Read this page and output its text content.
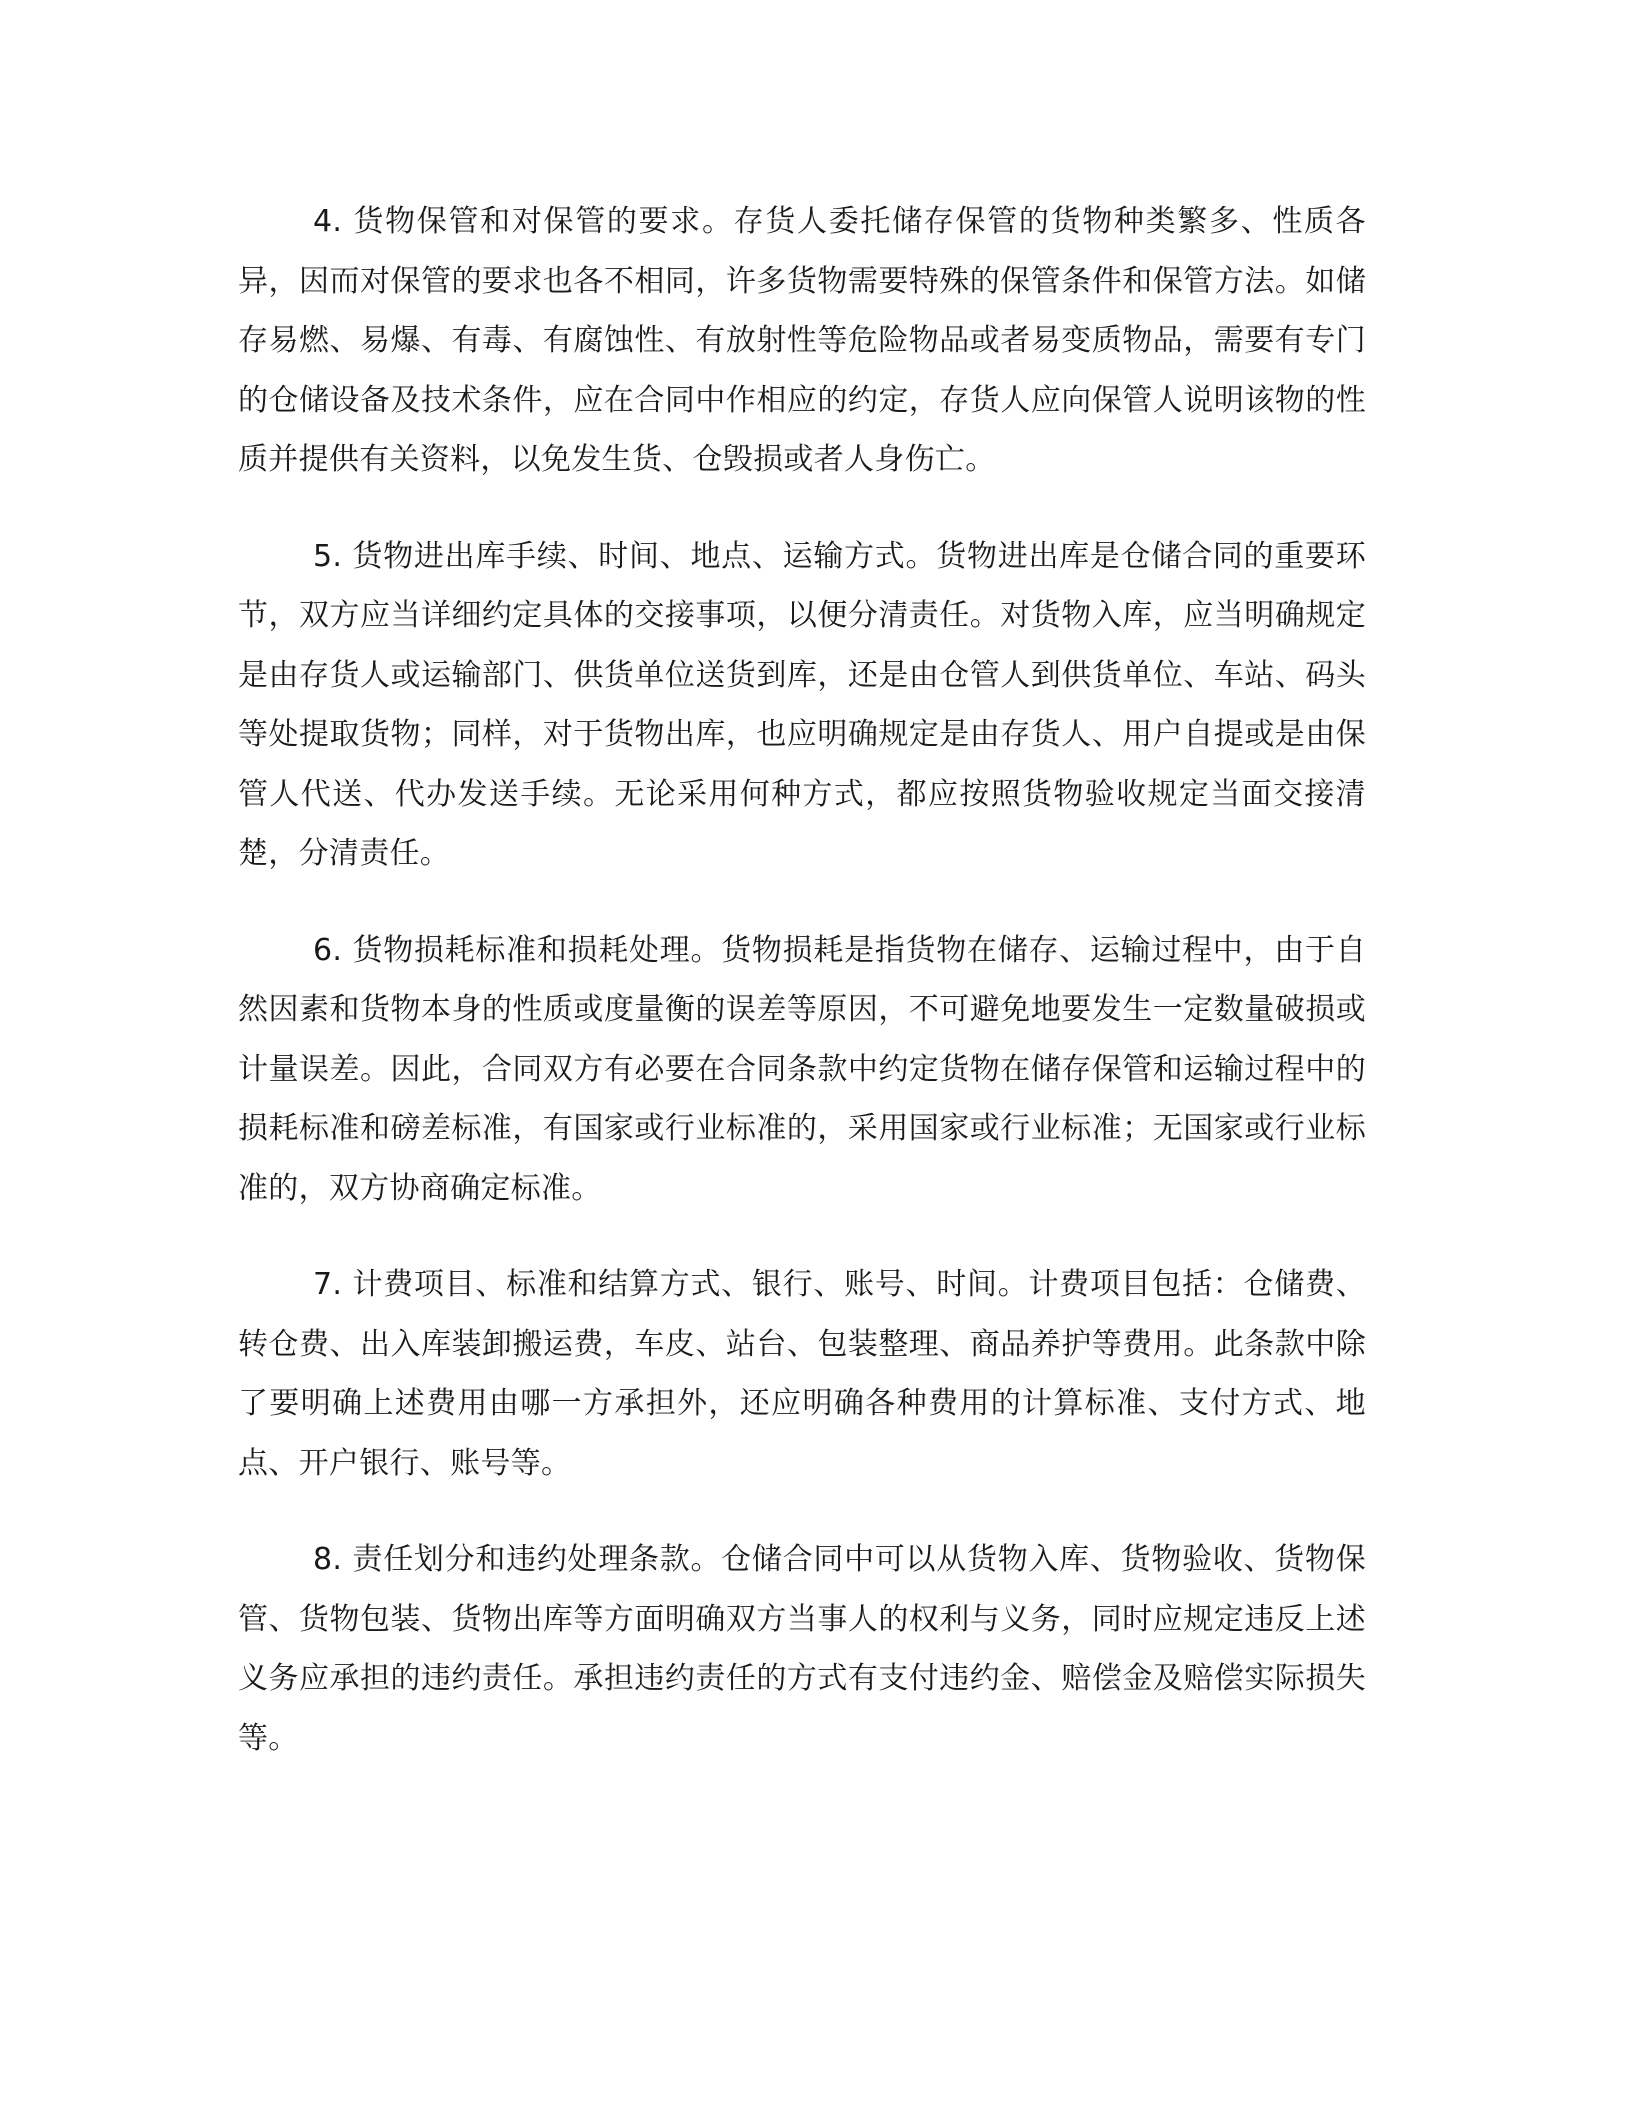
4. 货物保管和对保管的要求。存货人委托储存保管的货物种类繁多、性质各异，因而对保管的要求也各不相同，许多货物需要特殊的保管条件和保管方法。如储存易燃、易爆、有毒、有腐蚀性、有放射性等危险物品或者易变质物品，需要有专门的仓储设备及技术条件，应在合同中作相应的约定，存货人应向保管人说明该物的性质并提供有关资料，以免发生货、仓毁损或者人身伤亡。

5. 货物进出库手续、时间、地点、运输方式。货物进出库是仓储合同的重要环节，双方应当详细约定具体的交接事项，以便分清责任。对货物入库，应当明确规定是由存货人或运输部门、供货单位送货到库，还是由仓管人到供货单位、车站、码头等处提取货物；同样，对于货物出库，也应明确规定是由存货人、用户自提或是由保管人代送、代办发送手续。无论采用何种方式，都应按照货物验收规定当面交接清楚，分清责任。

6. 货物损耗标准和损耗处理。货物损耗是指货物在储存、运输过程中，由于自然因素和货物本身的性质或度量衡的误差等原因，不可避免地要发生一定数量破损或计量误差。因此，合同双方有必要在合同条款中约定货物在储存保管和运输过程中的损耗标准和磅差标准，有国家或行业标准的，采用国家或行业标准；无国家或行业标准的，双方协商确定标准。

7. 计费项目、标准和结算方式、银行、账号、时间。计费项目包括：仓储费、转仓费、出入库装卸搬运费，车皮、站台、包装整理、商品养护等费用。此条款中除了要明确上述费用由哪一方承担外，还应明确各种费用的计算标准、支付方式、地点、开户银行、账号等。

8. 责任划分和违约处理条款。仓储合同中可以从货物入库、货物验收、货物保管、货物包装、货物出库等方面明确双方当事人的权利与义务，同时应规定违反上述义务应承担的违约责任。承担违约责任的方式有支付违约金、赔偿金及赔偿实际损失等。
